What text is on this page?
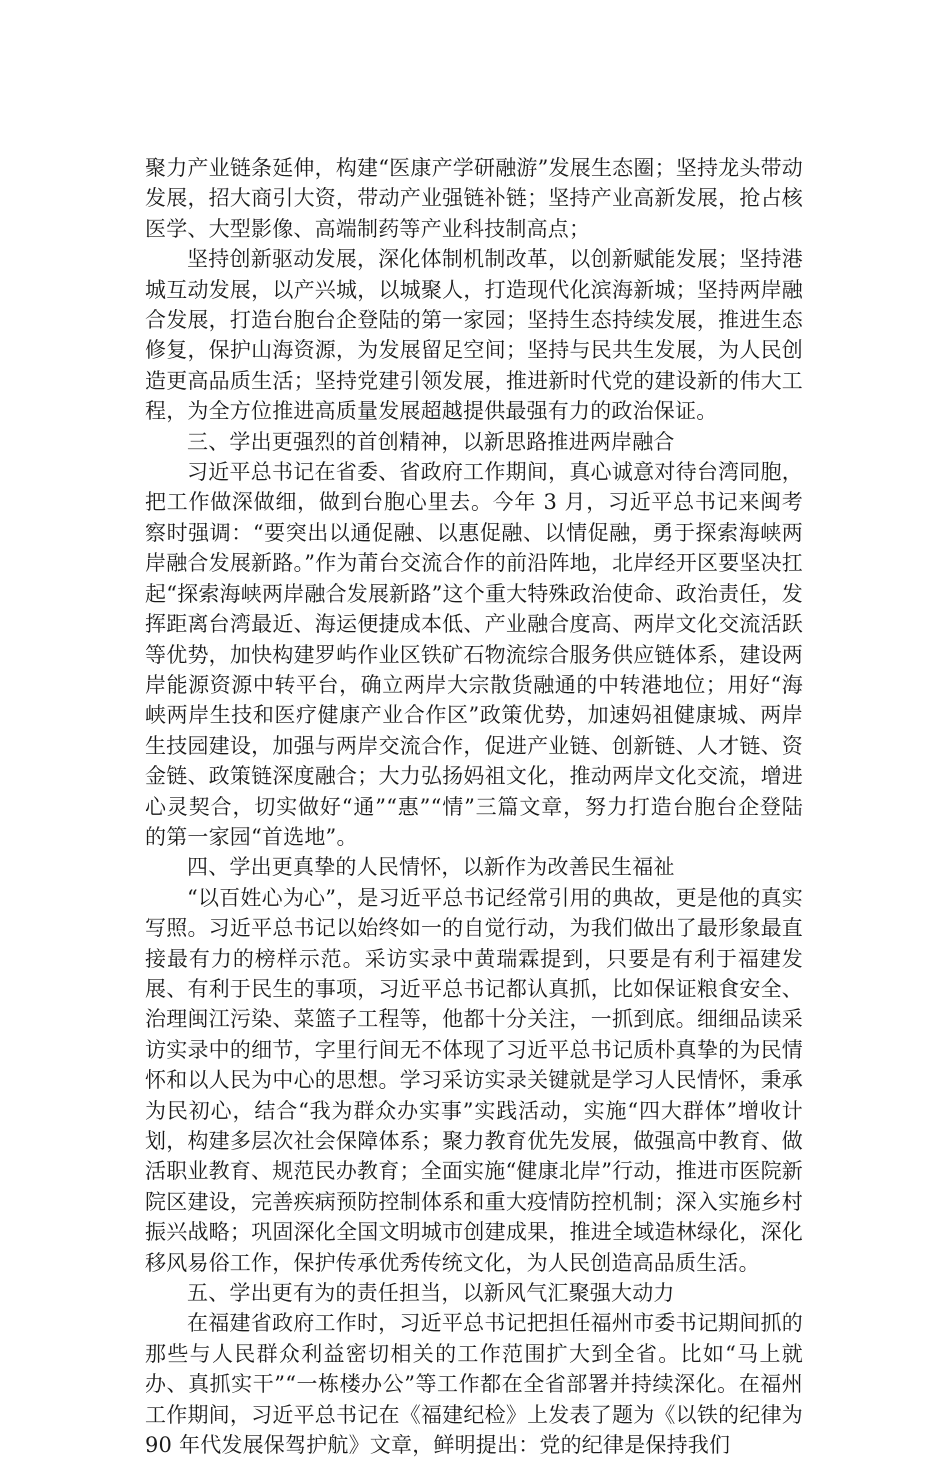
聚力产业链条延伸，构建“医康产学研融游”发展生态圈；坚持龙头带动发展，招大商引大资，带动产业强链补链；坚持产业高新发展，抢占核医学、大型影像、高端制药等产业科技制高点；

坚持创新驱动发展，深化体制机制改革，以创新赋能发展；坚持港城互动发展，以产兴城，以城聚人，打造现代化滨海新城；坚持两岸融合发展，打造台胞台企登陆的第一家园；坚持生态持续发展，推进生态修复，保护山海资源，为发展留足空间；坚持与民共生发展，为人民创造更高品质生活；坚持党建引领发展，推进新时代党的建设新的伟大工程，为全方位推进高质量发展超越提供最强有力的政治保证。

三、学出更强烈的首创精神，以新思路推进两岸融合

习近平总书记在省委、省政府工作期间，真心诚意对待台湾同胞，把工作做深做细，做到台胞心里去。今年 3 月，习近平总书记来闽考察时强调：“要突出以通促融、以惠促融、以情促融，勇于探索海峡两岸融合发展新路。”作为莆台交流合作的前沿阵地，北岸经开区要坚决扛起“探索海峡两岸融合发展新路”这个重大特殊政治使命、政治责任，发挥距离台湾最近、海运便捷成本低、产业融合度高、两岸文化交流活跃等优势，加快构建罗屿作业区铁矿石物流综合服务供应链体系，建设两岸能源资源中转平台，确立两岸大宗散货融通的中转港地位；用好“海峡两岸生技和医疗健康产业合作区”政策优势，加速妈祖健康城、两岸生技园建设，加强与两岸交流合作，促进产业链、创新链、人才链、资金链、政策链深度融合；大力弘扬妈祖文化，推动两岸文化交流，增进心灵契合，切实做好“通”“惠”“情”三篇文章，努力打造台胞台企登陆的第一家园“首选地”。

四、学出更真挚的人民情怀，以新作为改善民生福祉

“以百姓心为心”，是习近平总书记经常引用的典故，更是他的真实写照。习近平总书记以始终如一的自觉行动，为我们做出了最形象最直接最有力的榜样示范。采访实录中黄瑞霖提到，只要是有利于福建发展、有利于民生的事项，习近平总书记都认真抓，比如保证粮食安全、治理闽江污染、菜篮子工程等，他都十分关注，一抓到底。细细品读采访实录中的细节，字里行间无不体现了习近平总书记质朴真挚的为民情怀和以人民为中心的思想。学习采访实录关键就是学习人民情怀，秉承为民初心，结合“我为群众办实事”实践活动，实施“四大群体”增收计划，构建多层次社会保障体系；聚力教育优先发展，做强高中教育、做活职业教育、规范民办教育；全面实施“健康北岸”行动，推进市医院新院区建设，完善疾病预防控制体系和重大疫情防控机制；深入实施乡村振兴战略；巩固深化全国文明城市创建成果，推进全域造林绿化，深化移风易俗工作，保护传承优秀传统文化，为人民创造高品质生活。

五、学出更有为的责任担当，以新风气汇聚强大动力

在福建省政府工作时，习近平总书记把担任福州市委书记期间抓的那些与人民群众利益密切相关的工作范围扩大到全省。比如“马上就办、真抓实干”“一栋楼办公”等工作都在全省部署并持续深化。在福州工作期间，习近平总书记在《福建纪检》上发表了题为《以铁的纪律为 90 年代发展保驾护航》文章，鲜明提出：党的纪律是保持我们
